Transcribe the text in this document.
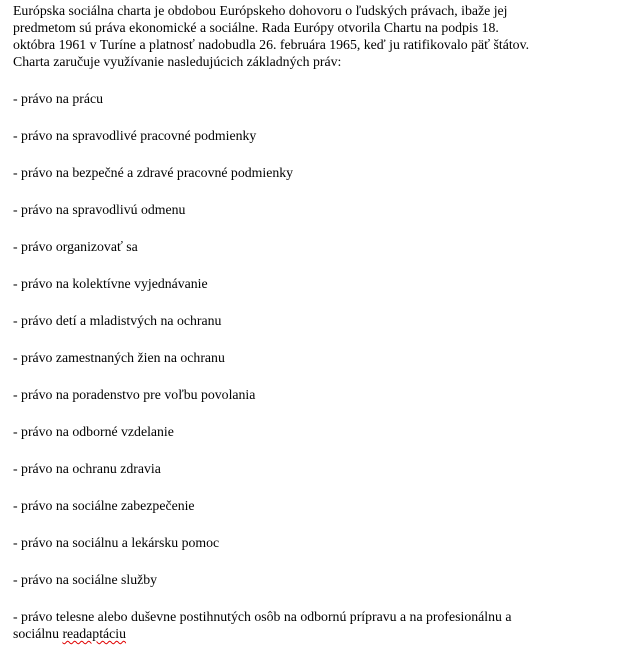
Európska sociálna charta je obdobou Európskeho dohovoru o ľudských právach, ibaže jej
predmetom sú práva ekonomické a sociálne. Rada Európy otvorila Chartu na podpis 18.
októbra 1961 v Turíne a platnosť nadobudla 26. februára 1965, keď ju ratifikovalo päť štátov.
Charta zaručuje využívanie nasledujúcich základných práv:

- právo na prácu
- právo na spravodlivé pracovné podmienky
- právo na bezpečné a zdravé pracovné podmienky
- právo na spravodlivú odmenu
- právo organizovať sa
- právo na kolektívne vyjednávanie
- právo detí a mladistvých na ochranu
- právo zamestnaných žien na ochranu
- právo na poradenstvo pre voľbu povolania
- právo na odborné vzdelanie
- právo na ochranu zdravia
- právo na sociálne zabezpečenie
- právo na sociálnu a lekársku pomoc
- právo na sociálne služby
- právo telesne alebo duševne postihnutých osôb na odbornú prípravu a na profesionálnu a
sociálnu readaptáciu
